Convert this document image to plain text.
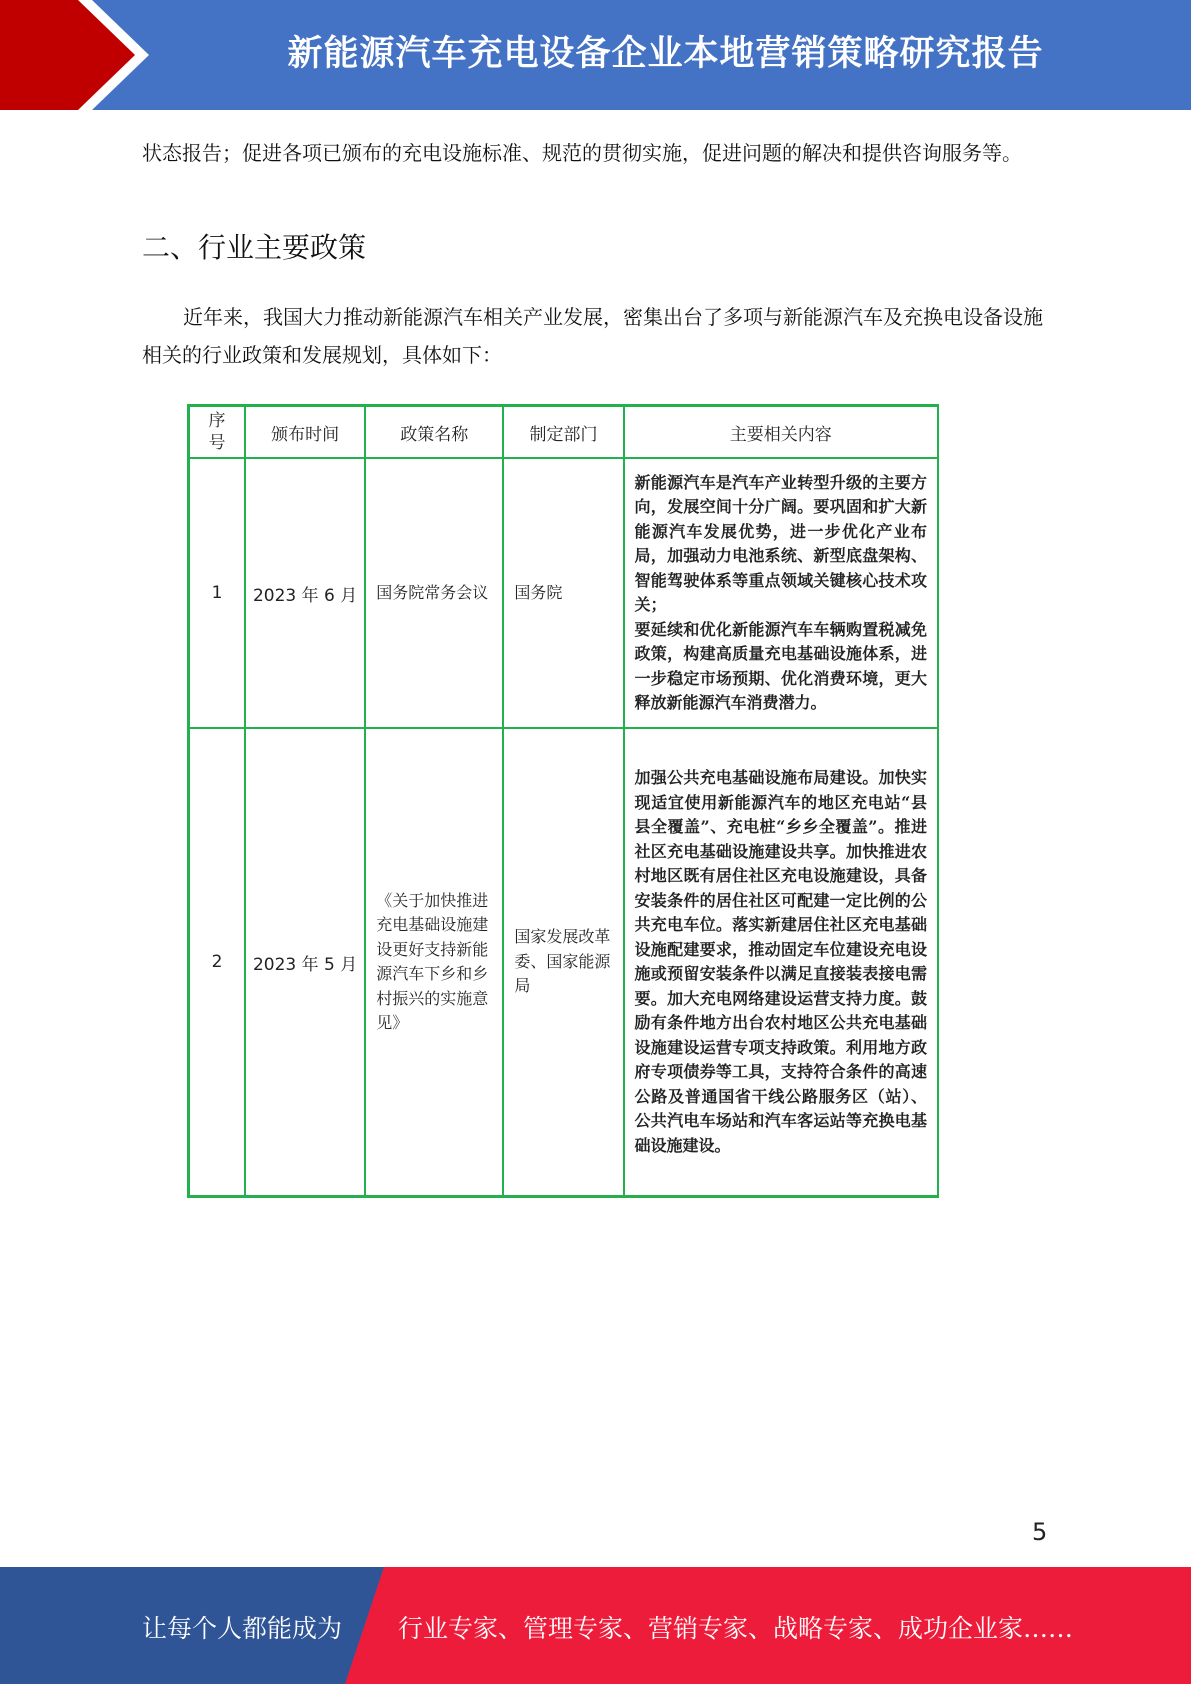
新能源汽车充电设备企业本地营销策略研究报告
状态报告；促进各项已颁布的充电设施标准、规范的贯彻实施，促进问题的解决和提供咨询服务等。
二、行业主要政策
近年来，我国大力推动新能源汽车相关产业发展，密集出台了多项与新能源汽车及充换电设备设施相关的行业政策和发展规划，具体如下：
序号	颁布时间	政策名称	制定部门	主要相关内容
1	2023 年 6 月	国务院常务会议	国务院	新能源汽车是汽车产业转型升级的主要方向，发展空间十分广阔。要巩固和扩大新能源汽车发展优势，进一步优化产业布局，加强动力电池系统、新型底盘架构、智能驾驶体系等重点领域关键核心技术攻关；
要延续和优化新能源汽车车辆购置税减免政策，构建高质量充电基础设施体系，进一步稳定市场预期、优化消费环境，更大释放新能源汽车消费潜力。

2	2023 年 5 月	《关于加快推进充电基础设施建设更好支持新能源汽车下乡和乡村振兴的实施意见》	国家发展改革委、国家能源局	加强公共充电基础设施布局建设。加快实现适宜使用新能源汽车的地区充电站“县县全覆盖”、充电桩“乡乡全覆盖”。推进社区充电基础设施建设共享。加快推进农村地区既有居住社区充电设施建设，具备安装条件的居住社区可配建一定比例的公共充电车位。落实新建居住社区充电基础设施配建要求，推动固定车位建设充电设施或预留安装条件以满足直接装表接电需要。加大充电网络建设运营支持力度。鼓励有条件地方出台农村地区公共充电基础设施建设运营专项支持政策。利用地方政府专项债券等工具，支持符合条件的高速公路及普通国省干线公路服务区（站）、公共汽电车场站和汽车客运站等充换电基础设施建设。
5
让每个人都能成为 行业专家、管理专家、营销专家、战略专家、成功企业家……
